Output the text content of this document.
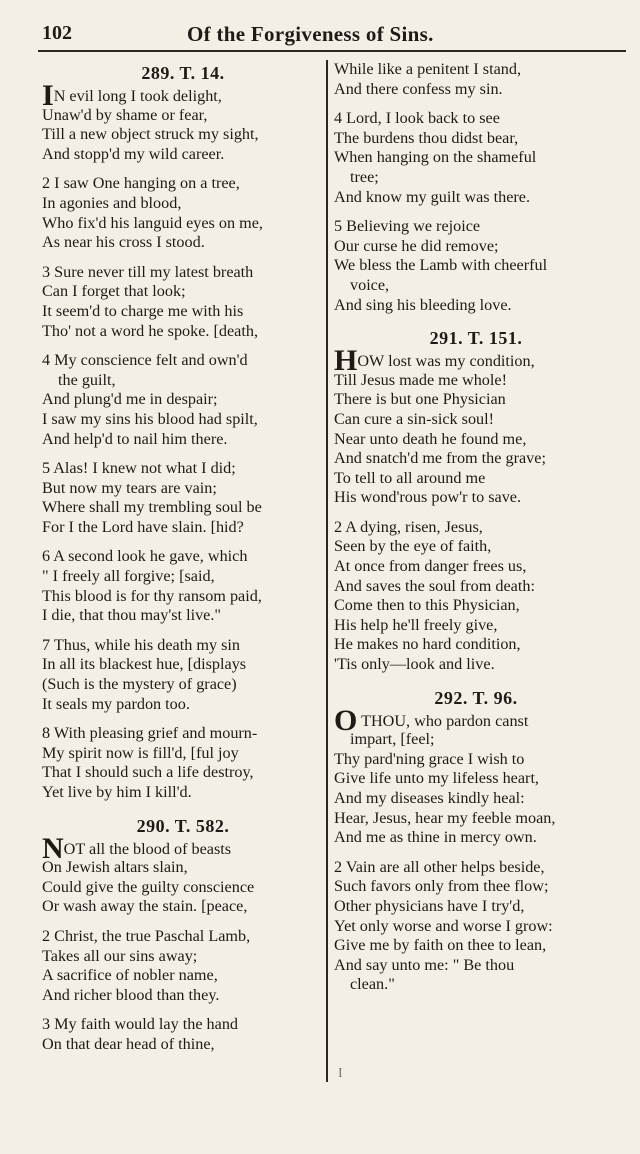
102	Of the Forgiveness of Sins.
289. T. 14.
IN evil long I took delight,
Unaw'd by shame or fear,
Till a new object struck my sight,
And stopp'd my wild career.
2 I saw One hanging on a tree,
In agonies and blood,
Who fix'd his languid eyes on me,
As near his cross I stood.
3 Sure never till my latest breath
Can I forget that look;
It seem'd to charge me with his
Tho' not a word he spoke. [death,
4 My conscience felt and own'd
the guilt,
And plung'd me in despair;
I saw my sins his blood had spilt,
And help'd to nail him there.
5 Alas! I knew not what I did;
But now my tears are vain;
Where shall my trembling soul be
For I the Lord have slain. [hid?
6 A second look he gave, which
" I freely all forgive; [said,
This blood is for thy ransom paid,
I die, that thou may'st live."
7 Thus, while his death my sin
In all its blackest hue, [displays
(Such is the mystery of grace)
It seals my pardon too.
8 With pleasing grief and mourn-
My spirit now is fill'd, [ful joy
That I should such a life destroy,
Yet live by him I kill'd.
290. T. 582.
NOT all the blood of beasts
On Jewish altars slain,
Could give the guilty conscience
Or wash away the stain. [peace,
2 Christ, the true Paschal Lamb,
Takes all our sins away;
A sacrifice of nobler name,
And richer blood than they.
3 My faith would lay the hand
On that dear head of thine,
While like a penitent I stand,
And there confess my sin.
4 Lord, I look back to see
The burdens thou didst bear,
When hanging on the shameful
tree;
And know my guilt was there.
5 Believing we rejoice
Our curse he did remove;
We bless the Lamb with cheerful
voice,
And sing his bleeding love.
291. T. 151.
HOW lost was my condition,
Till Jesus made me whole!
There is but one Physician
Can cure a sin-sick soul!
Near unto death he found me,
And snatch'd me from the grave;
To tell to all around me
His wond'rous pow'r to save.
2 A dying, risen, Jesus,
Seen by the eye of faith,
At once from danger frees us,
And saves the soul from death:
Come then to this Physician,
His help he'll freely give,
He makes no hard condition,
'Tis only—look and live.
292. T. 96.
O THOU, who pardon canst
impart, [feel;
Thy pard'ning grace I wish to
Give life unto my lifeless heart,
And my diseases kindly heal:
Hear, Jesus, hear my feeble moan,
And me as thine in mercy own.
2 Vain are all other helps beside,
Such favors only from thee flow;
Other physicians have I try'd,
Yet only worse and worse I grow:
Give me by faith on thee to lean,
And say unto me: " Be thou
clean."
I
